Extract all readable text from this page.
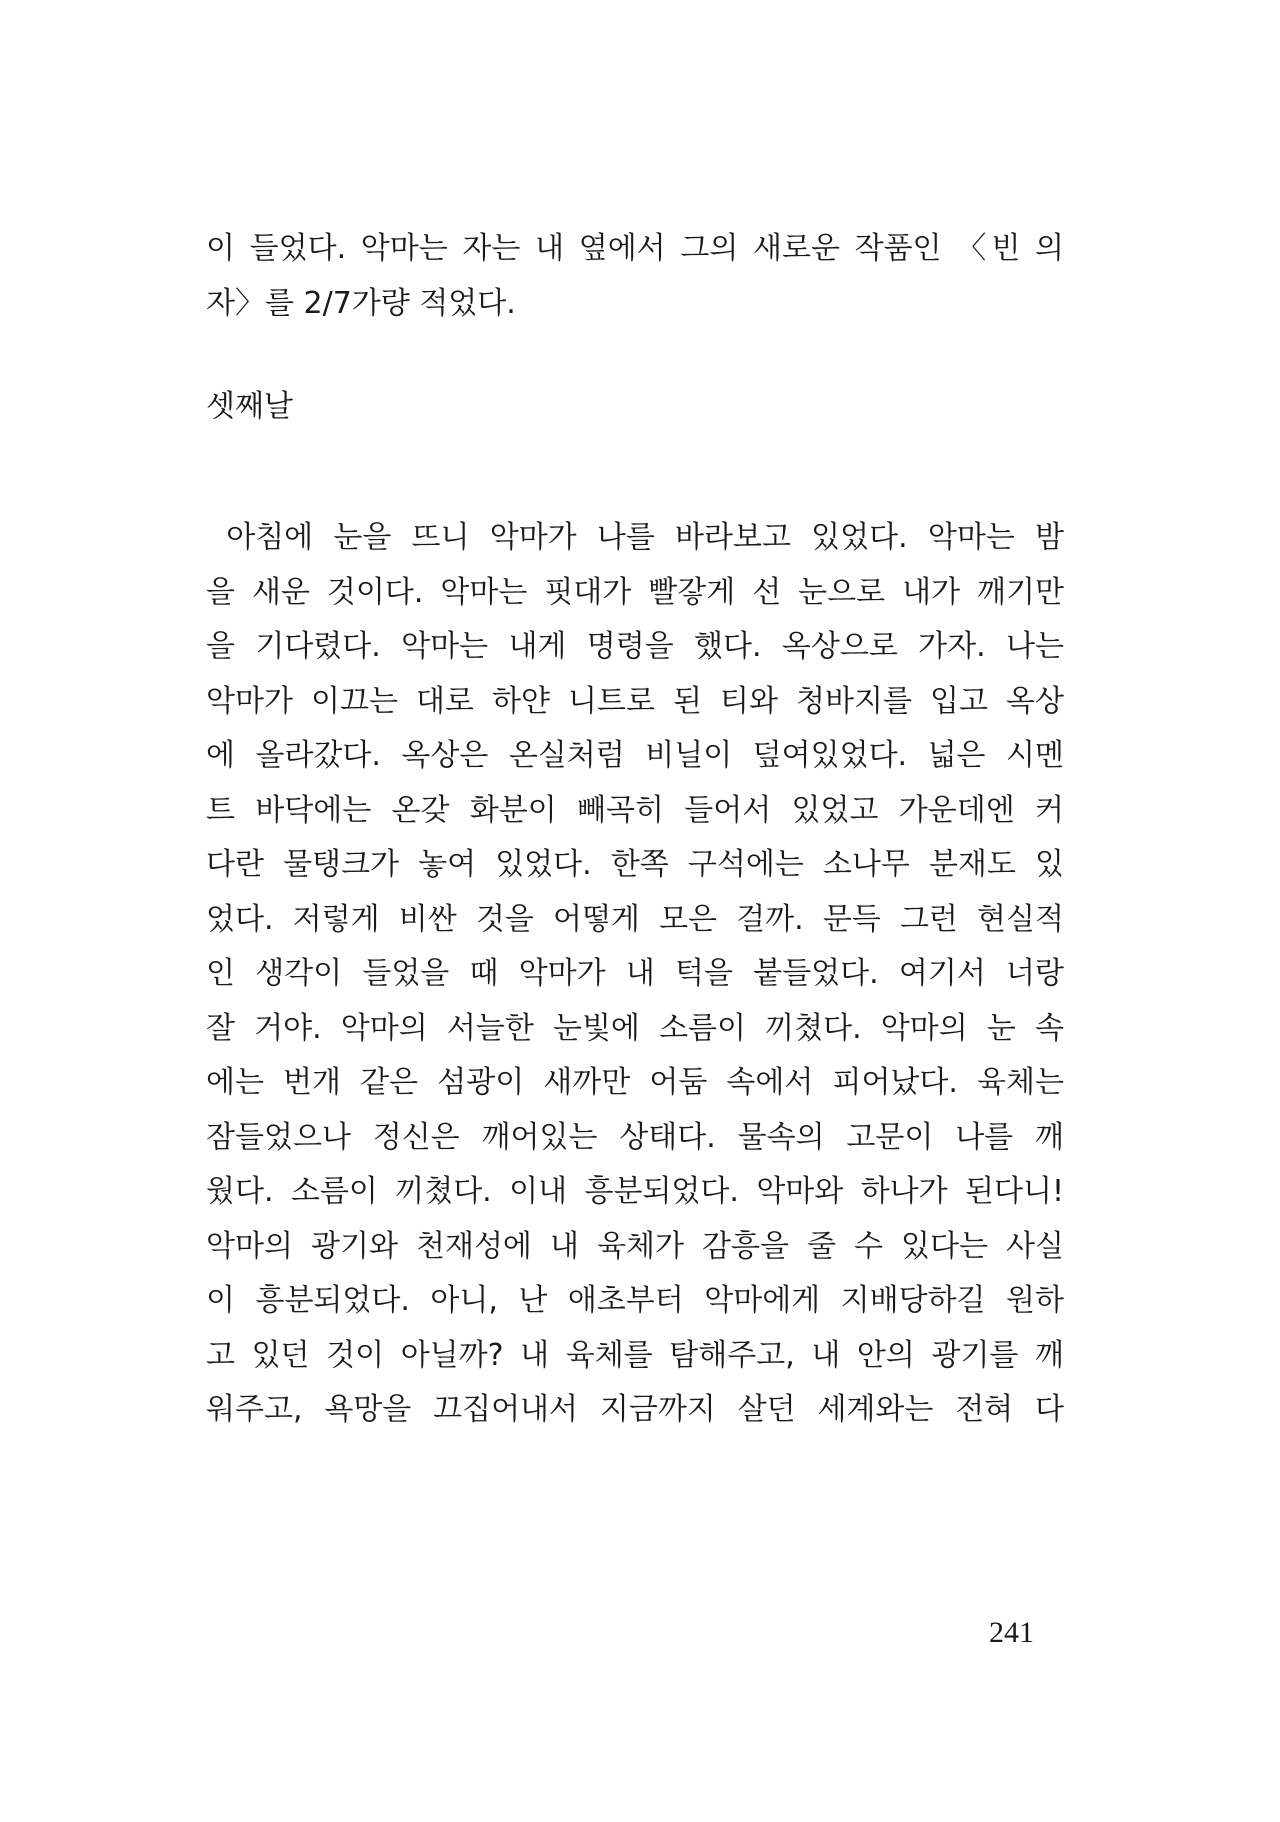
이 들었다. 악마는 자는 내 옆에서 그의 새로운 작품인 〈빈 의
자〉를 2/7가량 적었다.
셋째날
아침에 눈을 뜨니 악마가 나를 바라보고 있었다. 악마는 밤
을 새운 것이다. 악마는 핏대가 빨갛게 선 눈으로 내가 깨기만
을 기다렸다. 악마는 내게 명령을 했다. 옥상으로 가자. 나는
악마가 이끄는 대로 하얀 니트로 된 티와 청바지를 입고 옥상
에 올라갔다. 옥상은 온실처럼 비닐이 덮여있었다. 넓은 시멘
트 바닥에는 온갖 화분이 빼곡히 들어서 있었고 가운데엔 커
다란 물탱크가 놓여 있었다. 한쪽 구석에는 소나무 분재도 있
었다. 저렇게 비싼 것을 어떻게 모은 걸까. 문득 그런 현실적
인 생각이 들었을 때 악마가 내 턱을 붙들었다. 여기서 너랑
잘 거야. 악마의 서늘한 눈빛에 소름이 끼쳤다. 악마의 눈 속
에는 번개 같은 섬광이 새까만 어둠 속에서 피어났다. 육체는
잠들었으나 정신은 깨어있는 상태다. 물속의 고문이 나를 깨
웠다. 소름이 끼쳤다. 이내 흥분되었다. 악마와 하나가 된다니!
악마의 광기와 천재성에 내 육체가 감흥을 줄 수 있다는 사실
이 흥분되었다. 아니, 난 애초부터 악마에게 지배당하길 원하
고 있던 것이 아닐까? 내 육체를 탐해주고, 내 안의 광기를 깨
워주고, 욕망을 끄집어내서 지금까지 살던 세계와는 전혀 다
241
